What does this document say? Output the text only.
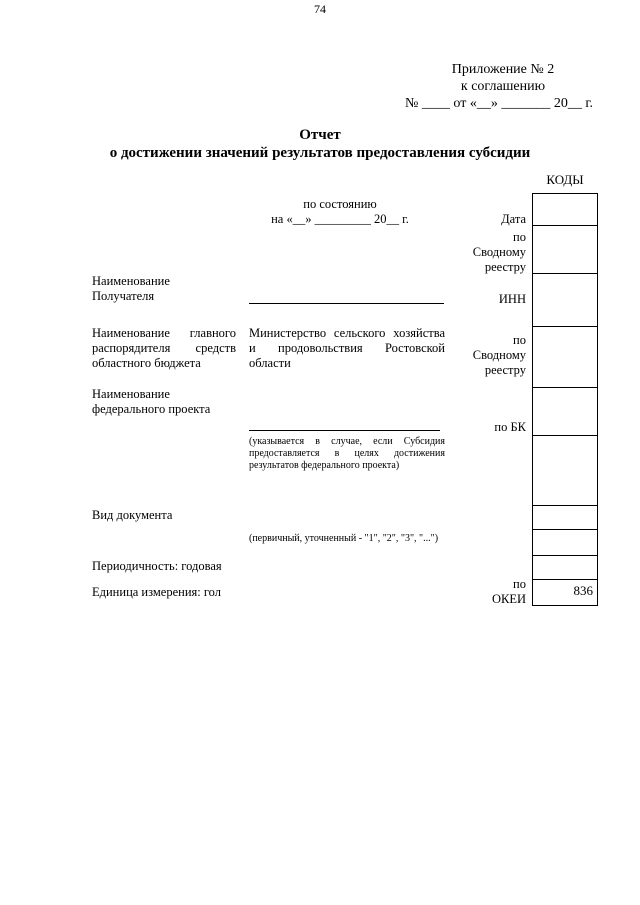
74
Приложение № 2
к соглашению
№ ____ от «__» _______ 20__ г.
Отчет
о достижении значений результатов предоставления субсидии
КОДЫ
по состоянию
на «__» _________ 20__ г.
Наименование
Получателя
Наименование главного распорядителя средств областного бюджета
Министерство сельского хозяйства и продовольствия Ростовской области
Наименование
федерального проекта
(указывается в случае, если Субсидия предоставляется в целях достижения результатов федерального проекта)
Вид документа
(первичный, уточненный - "1", "2", "3", "...")
Периодичность: годовая
Единица измерения: гол
Дата
по
Сводному
реестру
ИНН
по
Сводному
реестру
по БК
по
ОКЕИ
836
